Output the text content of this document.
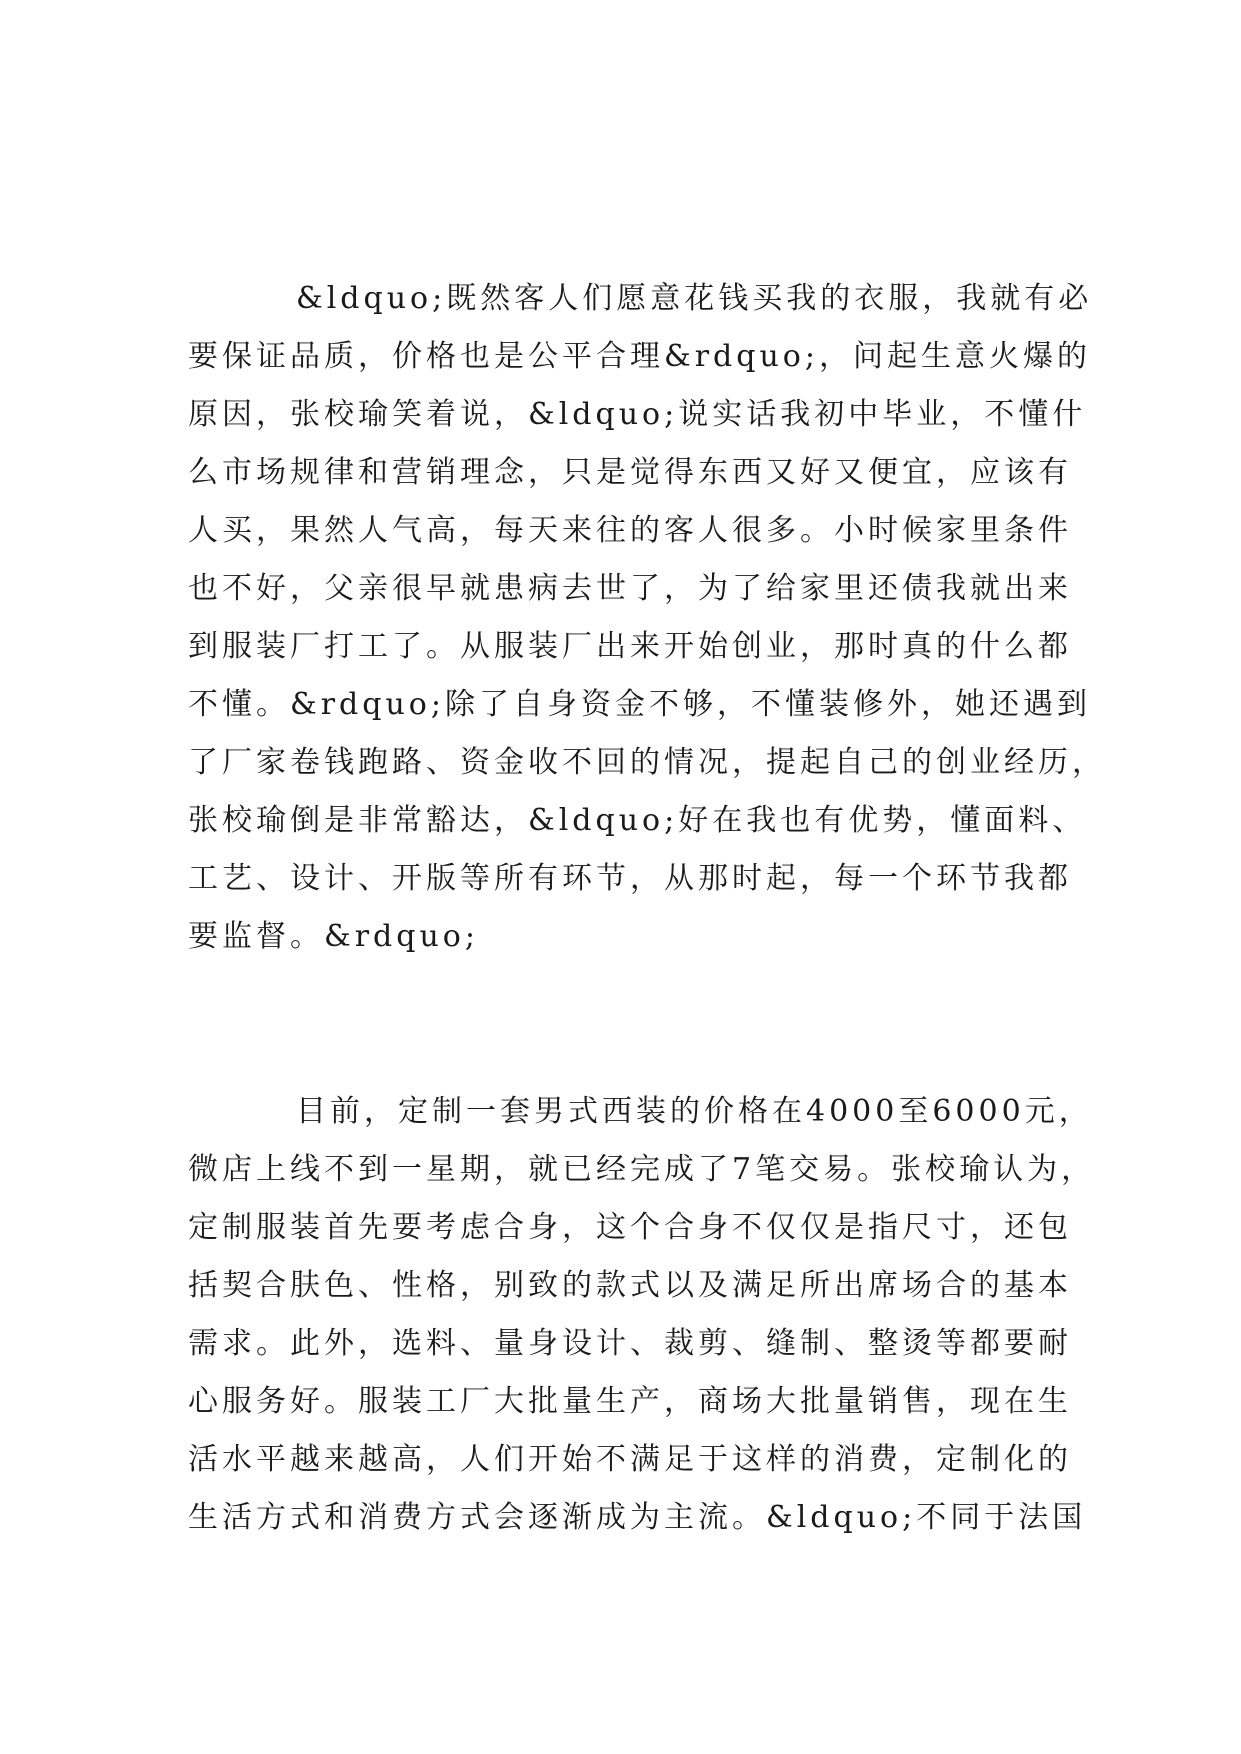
&ldquo;既然客人们愿意花钱买我的衣服，我就有必
要保证品质，价格也是公平合理&rdquo;，问起生意火爆的
原因，张校瑜笑着说，&ldquo;说实话我初中毕业，不懂什
么市场规律和营销理念，只是觉得东西又好又便宜，应该有
人买，果然人气高，每天来往的客人很多。小时候家里条件
也不好，父亲很早就患病去世了，为了给家里还债我就出来
到服装厂打工了。从服装厂出来开始创业，那时真的什么都
不懂。&rdquo;除了自身资金不够，不懂装修外，她还遇到
了厂家卷钱跑路、资金收不回的情况，提起自己的创业经历，
张校瑜倒是非常豁达，&ldquo;好在我也有优势，懂面料、
工艺、设计、开版等所有环节，从那时起，每一个环节我都
要监督。&rdquo;
目前，定制一套男式西装的价格在4000至6000元，
微店上线不到一星期，就已经完成了7笔交易。张校瑜认为，
定制服装首先要考虑合身，这个合身不仅仅是指尺寸，还包
括契合肤色、性格，别致的款式以及满足所出席场合的基本
需求。此外，选料、量身设计、裁剪、缝制、整烫等都要耐
心服务好。服装工厂大批量生产，商场大批量销售，现在生
活水平越来越高，人们开始不满足于这样的消费，定制化的
生活方式和消费方式会逐渐成为主流。&ldquo;不同于法国
